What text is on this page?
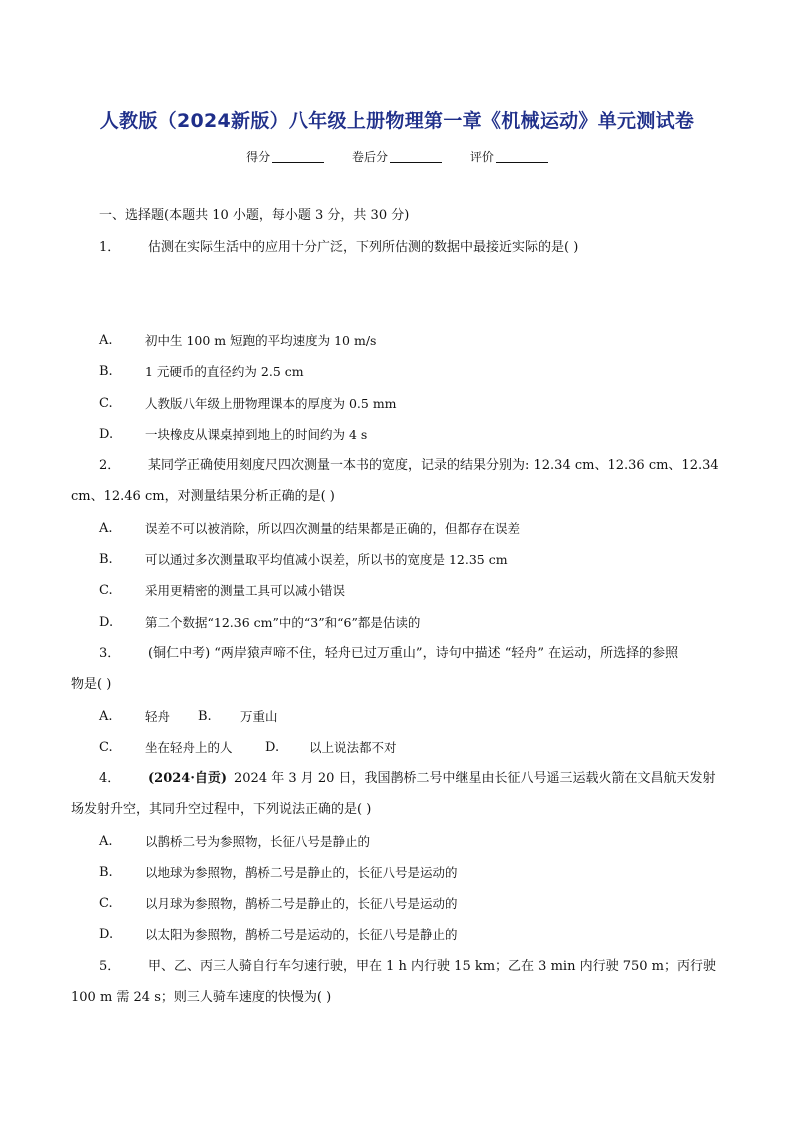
人教版（2024新版）八年级上册物理第一章《机械运动》单元测试卷
得分	卷后分	评价
一、选择题(本题共 10 小题，每小题 3 分，共 30 分)
1． 估测在实际生活中的应用十分广泛，下列所估测的数据中最接近实际的是( )
A.	初中生 100 m 短跑的平均速度为 10 m/s
B.	1 元硬币的直径约为 2.5 cm
C.	人教版八年级上册物理课本的厚度为 0.5 mm
D.	一块橡皮从课桌掉到地上的时间约为 4 s
2． 某同学正确使用刻度尺四次测量一本书的宽度，记录的结果分别为: 12.34 cm、12.36 cm、12.34
cm、12.46 cm，对测量结果分析正确的是( )
A.	误差不可以被消除，所以四次测量的结果都是正确的，但都存在误差
B.	可以通过多次测量取平均值减小误差，所以书的宽度是 12.35 cm
C.	采用更精密的测量工具可以减小错误
D.	第二个数据“12.36 cm”中的“3”和“6”都是估读的
3． (铜仁中考) “两岸猿声啼不住，轻舟已过万重山”，诗句中描述 “轻舟” 在运动，所选择的参照
物是( )
A.	轻舟 B. 万重山
C.	坐在轻舟上的人 D. 以上说法都不对
4． (2024·自贡) 2024 年 3 月 20 日，我国鹊桥二号中继星由长征八号遥三运载火箭在文昌航天发射
场发射升空，其同升空过程中，下列说法正确的是( )
A.	以鹊桥二号为参照物，长征八号是静止的
B.	以地球为参照物，鹊桥二号是静止的，长征八号是运动的
C.	以月球为参照物，鹊桥二号是静止的，长征八号是运动的
D.	以太阳为参照物，鹊桥二号是运动的，长征八号是静止的
5． 甲、乙、丙三人骑自行车匀速行驶，甲在 1 h 内行驶 15 km；乙在 3 min 内行驶 750 m；丙行驶
100 m 需 24 s；则三人骑车速度的快慢为( )
